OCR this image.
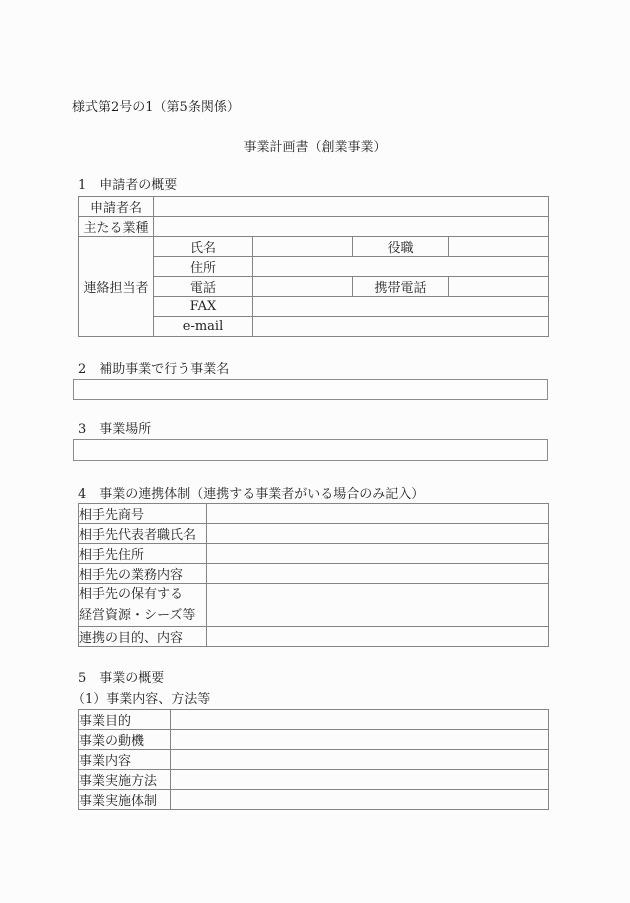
様式第2号の1（第5条関係）
事業計画書（創業事業）
1　申請者の概要
申請者名				
主たる業種				
連絡担当者	氏名		役職	
	住所			
	電話		携帯電話	
	FAX			
	e-mail			
2　補助事業で行う事業名
3　事業場所
4　事業の連携体制（連携する事業者がいる場合のみ記入）
相手先商号	
相手先代表者職氏名	
相手先住所	
相手先の業務内容	

相手先の保有する
経営資源・シーズ等	

連携の目的、内容	
5　事業の概要
（1）事業内容、方法等
事業目的	
事業の動機	
事業内容	
事業実施方法	
事業実施体制	
